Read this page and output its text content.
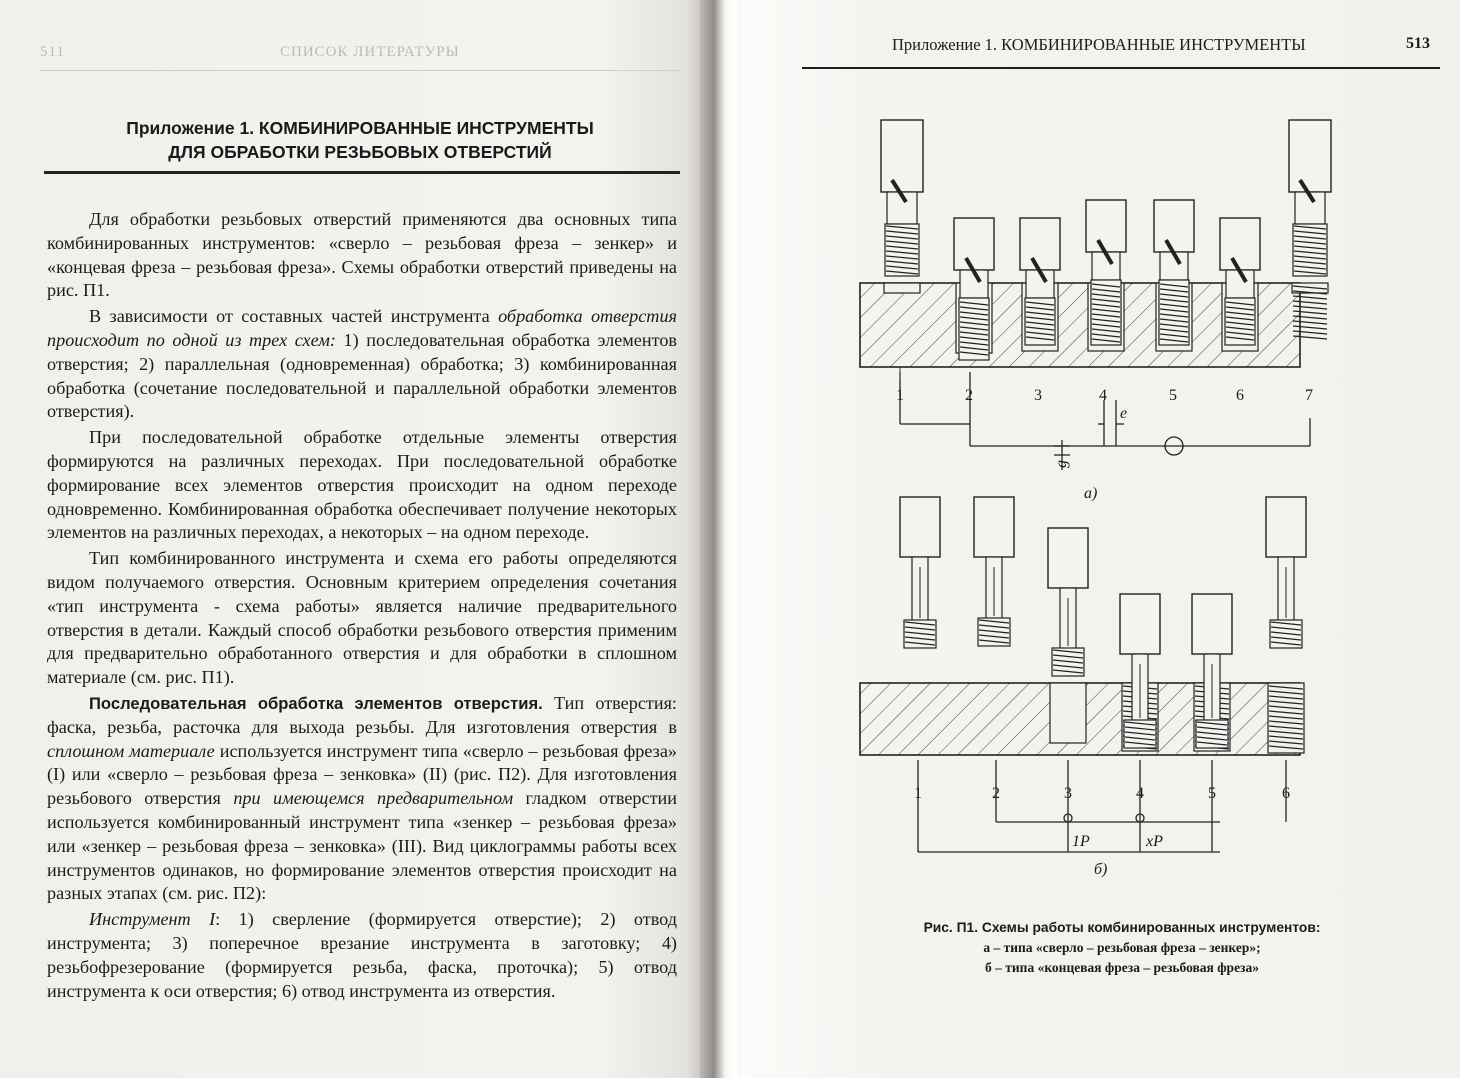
511	СПИСОК ЛИТЕРАТУРЫ
Приложение 1. КОМБИНИРОВАННЫЕ ИНСТРУМЕНТЫ
ДЛЯ ОБРАБОТКИ РЕЗЬБОВЫХ ОТВЕРСТИЙ

Для обработки резьбовых отверстий применяются два основных типа комбинированных инструментов: «сверло – резьбовая фреза – зенкер» и «концевая фреза – резьбовая фреза». Схемы обработки отверстий приведены на рис. П1.

В зависимости от составных частей инструмента обработка отверстия происходит по одной из трех схем: 1) последовательная обработка элементов отверстия; 2) параллельная (одновременная) обработка; 3) комбинированная обработка (сочетание последовательной и параллельной обработки элементов отверстия).

При последовательной обработке отдельные элементы отверстия формируются на различных переходах. При последовательной обработке формирование всех элементов отверстия происходит на одном переходе одновременно. Комбинированная обработка обеспечивает получение некоторых элементов на различных переходах, а некоторых – на одном переходе.

Тип комбинированного инструмента и схема его работы определяются видом получаемого отверстия. Основным критерием определения сочетания «тип инструмента - схема работы» является наличие предварительного отверстия в детали. Каждый способ обработки резьбового отверстия применим для предварительно обработанного отверстия и для обработки в сплошном материале (см. рис. П1).

Последовательная обработка элементов отверстия. Тип отверстия: фаска, резьба, расточка для выхода резьбы. Для изготовления отверстия в сплошном материале используется инструмент типа «сверло – резьбовая фреза» (I) или «сверло – резьбовая фреза – зенковка» (II) (рис. П2). Для изготовления резьбового отверстия при имеющемся предварительном гладком отверстии используется комбинированный инструмент типа «зенкер – резьбовая фреза» или «зенкер – резьбовая фреза – зенковка» (III). Вид циклограммы работы всех инструментов одинаков, но формирование элементов отверстия происходит на разных этапах (см. рис. П2):

Инструмент I: 1) сверление (формируется отверстие); 2) отвод инструмента; 3) поперечное врезание инструмента в заготовку; 4) резьбофрезерование (формируется резьба, фаска, проточка); 5) отвод инструмента к оси отверстия; 6) отвод инструмента из отверстия.

Приложение 1. КОМБИНИРОВАННЫЕ ИНСТРУМЕНТЫ	513
1	2	3	4	5	6	7
e
g
а)
1	2	3	4	5	6
1P	xP
б)
Рис. П1. Схемы работы комбинированных инструментов:
а – типа «сверло – резьбовая фреза – зенкер»;
б – типа «концевая фреза – резьбовая фреза»
